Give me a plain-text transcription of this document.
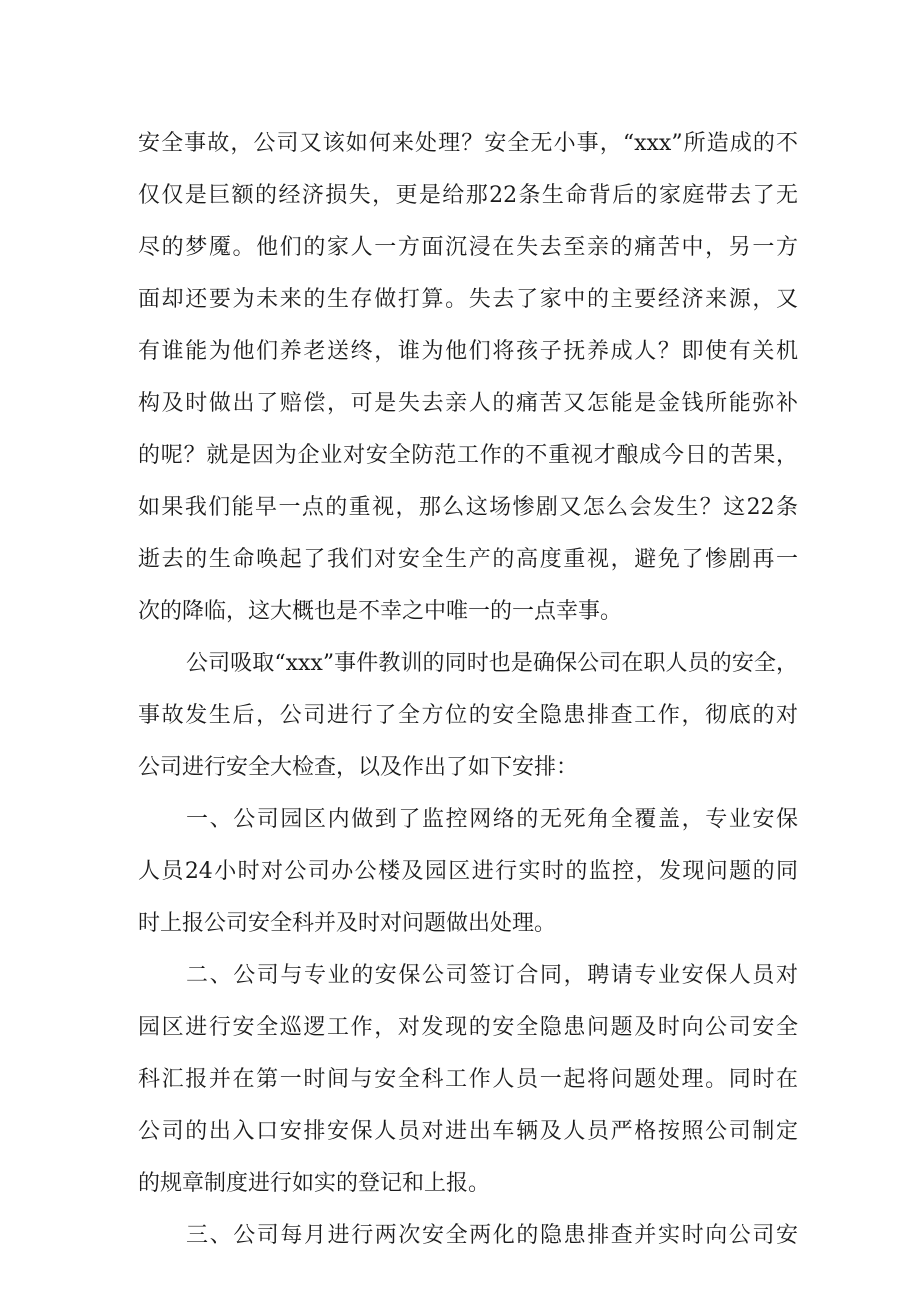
安全事故，公司又该如何来处理？安全无小事，“xxx”所造成的不
仅仅是巨额的经济损失，更是给那22条生命背后的家庭带去了无
尽的梦魇。他们的家人一方面沉浸在失去至亲的痛苦中，另一方
面却还要为未来的生存做打算。失去了家中的主要经济来源，又
有谁能为他们养老送终，谁为他们将孩子抚养成人？即使有关机
构及时做出了赔偿，可是失去亲人的痛苦又怎能是金钱所能弥补
的呢？就是因为企业对安全防范工作的不重视才酿成今日的苦果，
如果我们能早一点的重视，那么这场惨剧又怎么会发生？这22条
逝去的生命唤起了我们对安全生产的高度重视，避免了惨剧再一
次的降临，这大概也是不幸之中唯一的一点幸事。
公司吸取“xxx”事件教训的同时也是确保公司在职人员的安全，
事故发生后，公司进行了全方位的安全隐患排查工作，彻底的对
公司进行安全大检查，以及作出了如下安排：
一、公司园区内做到了监控网络的无死角全覆盖，专业安保
人员24小时对公司办公楼及园区进行实时的监控，发现问题的同
时上报公司安全科并及时对问题做出处理。
二、公司与专业的安保公司签订合同，聘请专业安保人员对
园区进行安全巡逻工作，对发现的安全隐患问题及时向公司安全
科汇报并在第一时间与安全科工作人员一起将问题处理。同时在
公司的出入口安排安保人员对进出车辆及人员严格按照公司制定
的规章制度进行如实的登记和上报。
三、公司每月进行两次安全两化的隐患排查并实时向公司安
